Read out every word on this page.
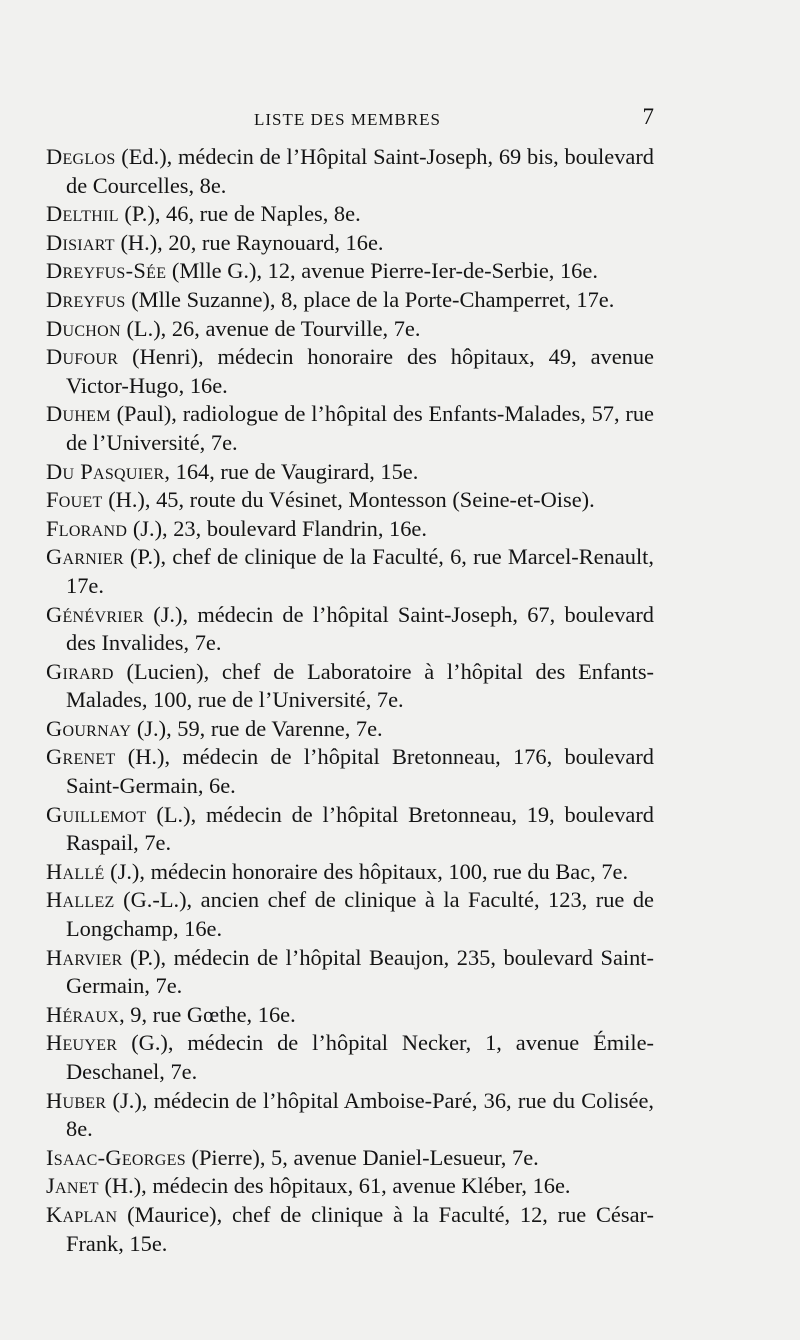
LISTE DES MEMBRES	7

Deglos (Ed.), médecin de l’Hôpital Saint-Joseph, 69 bis, boulevard de Courcelles, 8e.

Delthil (P.), 46, rue de Naples, 8e.

Disiart (H.), 20, rue Raynouard, 16e.

Dreyfus-Sée (Mlle G.), 12, avenue Pierre-Ier-de-Serbie, 16e.

Dreyfus (Mlle Suzanne), 8, place de la Porte-Champerret, 17e.

Duchon (L.), 26, avenue de Tourville, 7e.

Dufour (Henri), médecin honoraire des hôpitaux, 49, avenue Victor-Hugo, 16e.

Duhem (Paul), radiologue de l’hôpital des Enfants-Malades, 57, rue de l’Université, 7e.

Du Pasquier, 164, rue de Vaugirard, 15e.

Fouet (H.), 45, route du Vésinet, Montesson (Seine-et-Oise).

Florand (J.), 23, boulevard Flandrin, 16e.

Garnier (P.), chef de clinique de la Faculté, 6, rue Marcel-Renault, 17e.

Génévrier (J.), médecin de l’hôpital Saint-Joseph, 67, boulevard des Invalides, 7e.

Girard (Lucien), chef de Laboratoire à l’hôpital des Enfants-Malades, 100, rue de l’Université, 7e.

Gournay (J.), 59, rue de Varenne, 7e.

Grenet (H.), médecin de l’hôpital Bretonneau, 176, boulevard Saint-Germain, 6e.

Guillemot (L.), médecin de l’hôpital Bretonneau, 19, boulevard Raspail, 7e.

Hallé (J.), médecin honoraire des hôpitaux, 100, rue du Bac, 7e.

Hallez (G.-L.), ancien chef de clinique à la Faculté, 123, rue de Longchamp, 16e.

Harvier (P.), médecin de l’hôpital Beaujon, 235, boulevard Saint-Germain, 7e.

Héraux, 9, rue Gœthe, 16e.

Heuyer (G.), médecin de l’hôpital Necker, 1, avenue Émile-Deschanel, 7e.

Huber (J.), médecin de l’hôpital Amboise-Paré, 36, rue du Colisée, 8e.

Isaac-Georges (Pierre), 5, avenue Daniel-Lesueur, 7e.

Janet (H.), médecin des hôpitaux, 61, avenue Kléber, 16e.

Kaplan (Maurice), chef de clinique à la Faculté, 12, rue César-Frank, 15e.
